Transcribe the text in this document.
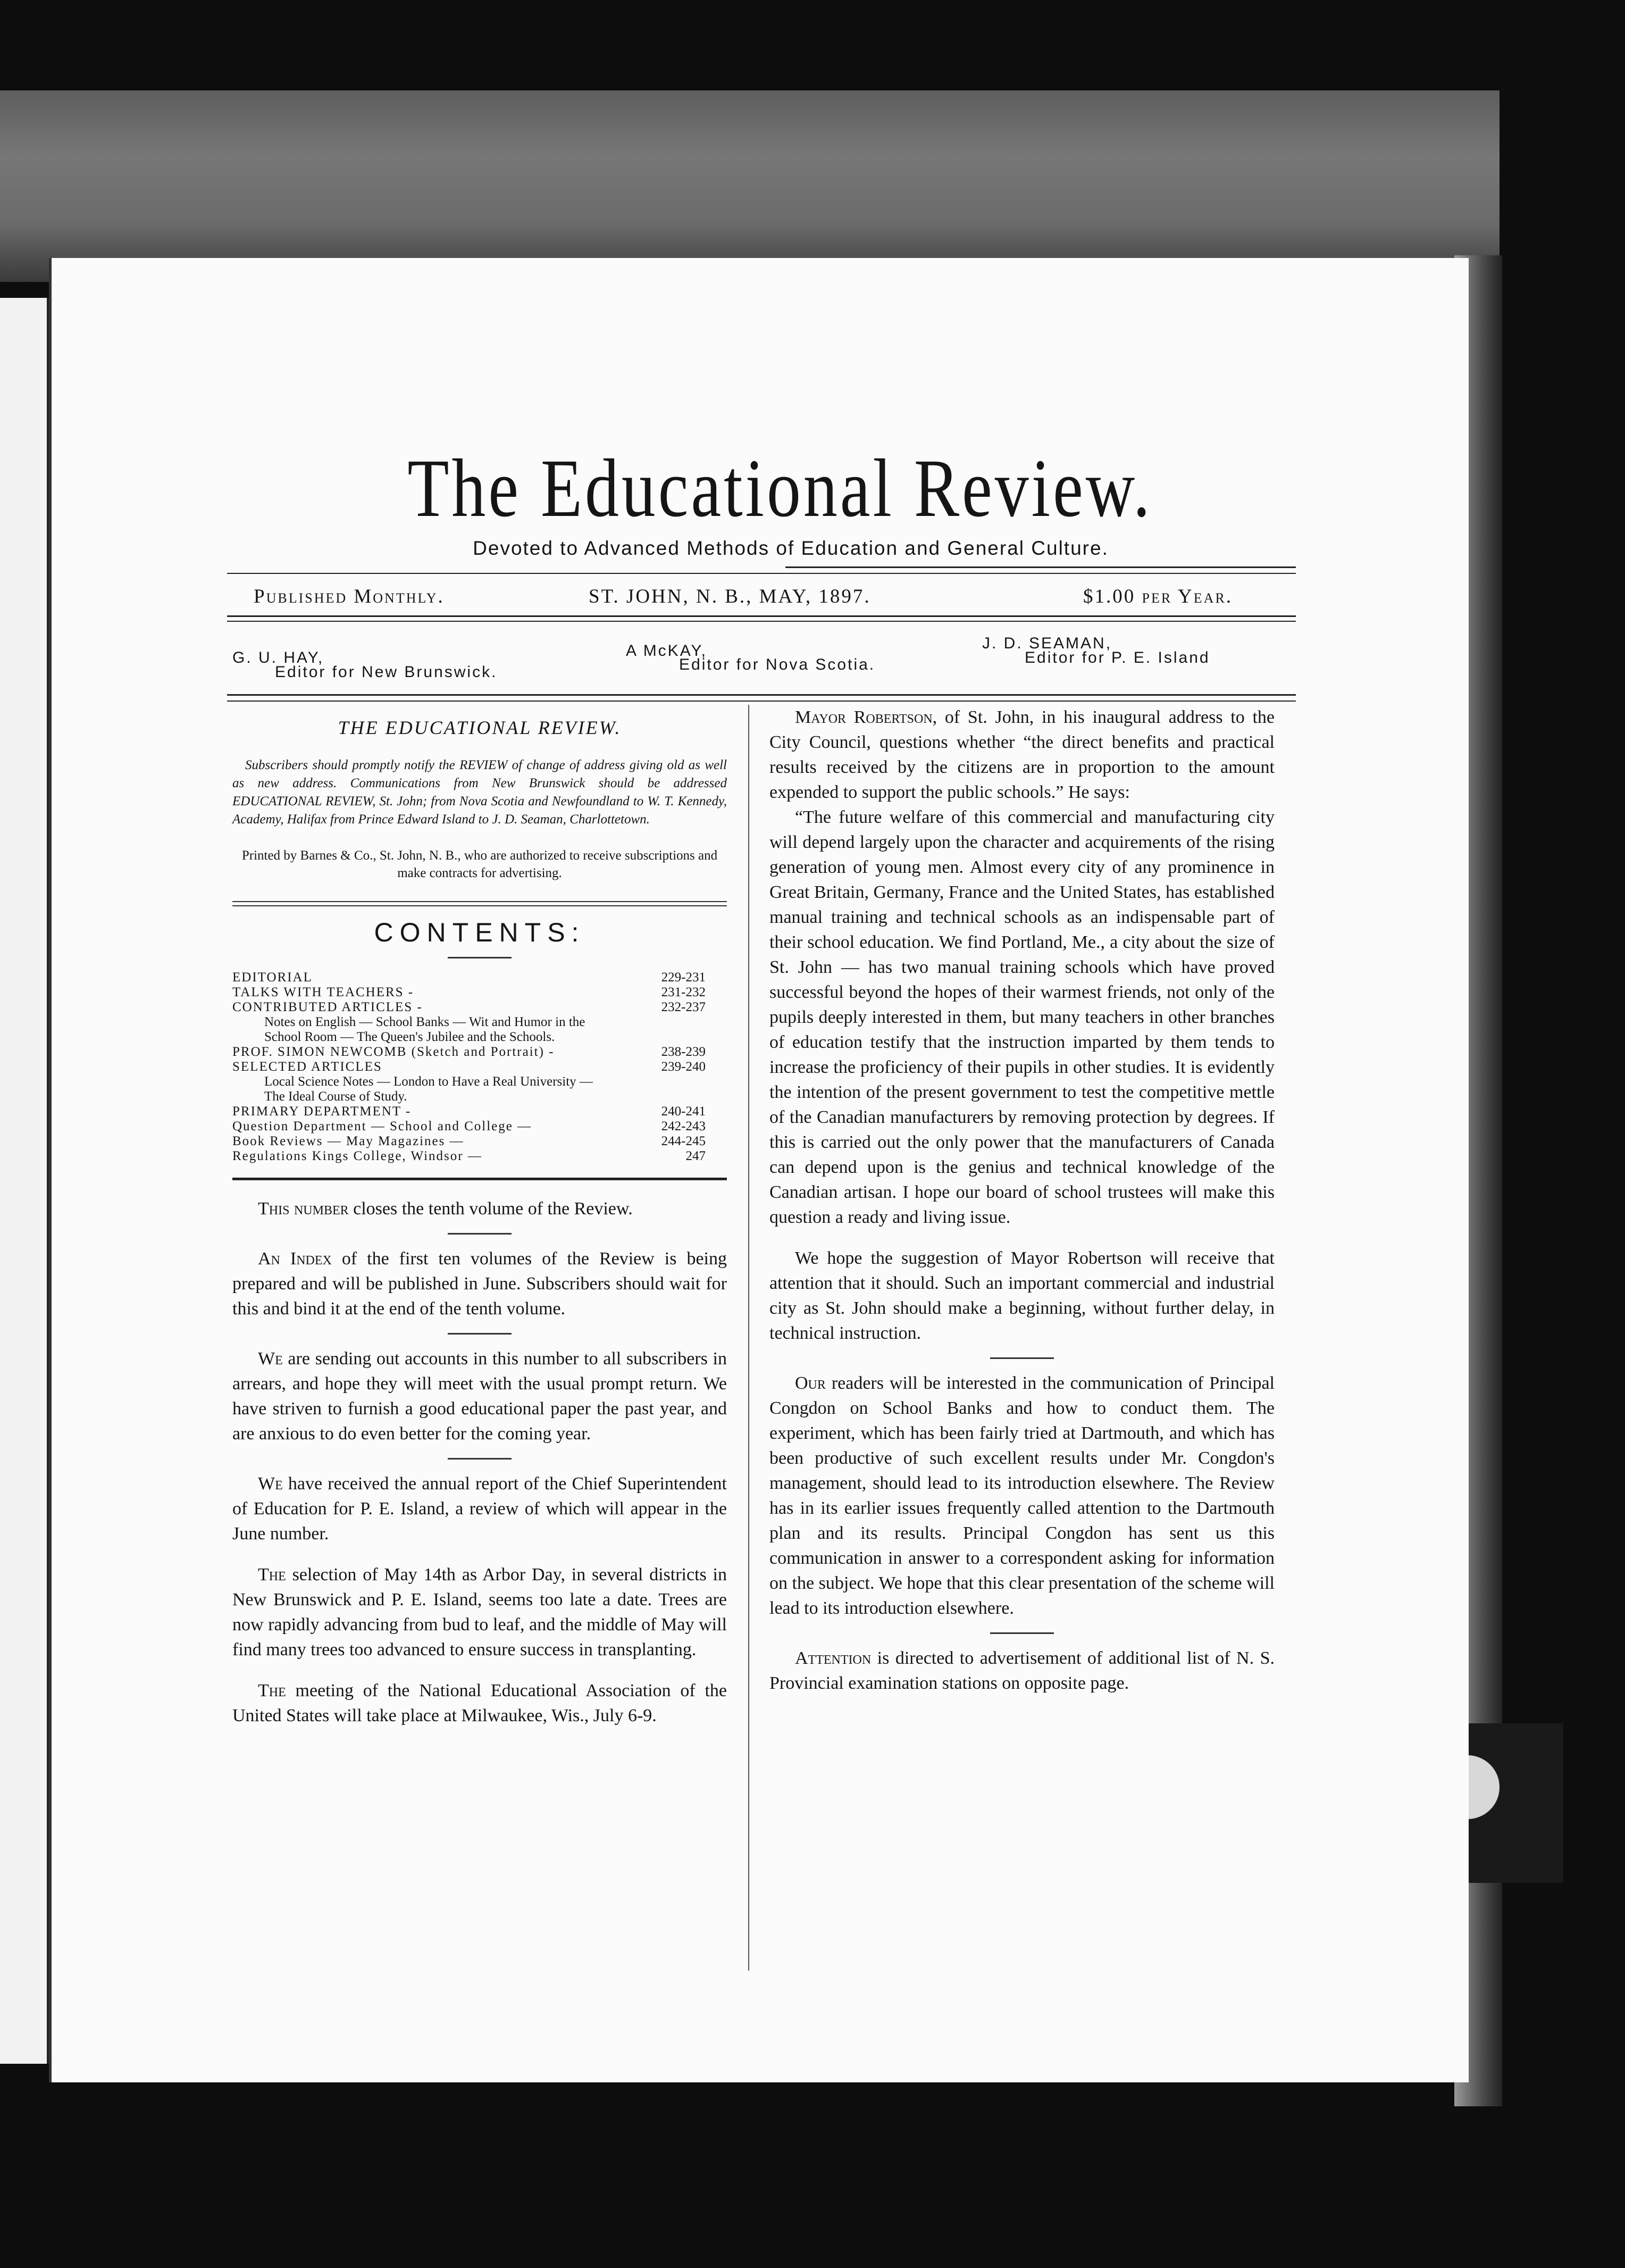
The Educational Review.
Devoted to Advanced Methods of Education and General Culture.
Published Monthly.	ST. JOHN, N. B., MAY, 1897.	$1.00 per Year.
G. U. HAY,
Editor for New Brunswick.
A McKAY,
Editor for Nova Scotia.
J. D. SEAMAN,
Editor for P. E. Island
THE EDUCATIONAL REVIEW.
Subscribers should promptly notify the REVIEW of change of address giving old as well as new address. Communications from New Brunswick should be addressed EDUCATIONAL REVIEW, St. John; from Nova Scotia and Newfoundland to W. T. Kennedy, Academy, Halifax from Prince Edward Island to J. D. Seaman, Charlottetown.
Printed by Barnes & Co., St. John, N. B., who are authorized to receive subscriptions and make contracts for advertising.
CONTENTS:
EDITORIAL	229-231
TALKS WITH TEACHERS -	231-232
CONTRIBUTED ARTICLES -	232-237
Notes on English — School Banks — Wit and Humor in the
School Room — The Queen's Jubilee and the Schools.
PROF. SIMON NEWCOMB (Sketch and Portrait) -	238-239
SELECTED ARTICLES	239-240
Local Science Notes — London to Have a Real University —
The Ideal Course of Study.
PRIMARY DEPARTMENT -	240-241
Question Department — School and College —	242-243
Book Reviews — May Magazines —	244-245
Regulations Kings College, Windsor —	247

This number closes the tenth volume of the Review.

An Index of the first ten volumes of the Review is being prepared and will be published in June. Subscribers should wait for this and bind it at the end of the tenth volume.

We are sending out accounts in this number to all subscribers in arrears, and hope they will meet with the usual prompt return. We have striven to furnish a good educational paper the past year, and are anxious to do even better for the coming year.

We have received the annual report of the Chief Superintendent of Education for P. E. Island, a review of which will appear in the June number.

The selection of May 14th as Arbor Day, in several districts in New Brunswick and P. E. Island, seems too late a date. Trees are now rapidly advancing from bud to leaf, and the middle of May will find many trees too advanced to ensure success in transplanting.

The meeting of the National Educational Association of the United States will take place at Milwaukee, Wis., July 6-9.

Mayor Robertson, of St. John, in his inaugural address to the City Council, questions whether “the direct benefits and practical results received by the citizens are in proportion to the amount expended to support the public schools.” He says:

“The future welfare of this commercial and manufacturing city will depend largely upon the character and acquirements of the rising generation of young men. Almost every city of any prominence in Great Britain, Germany, France and the United States, has established manual training and technical schools as an indispensable part of their school education. We find Portland, Me., a city about the size of St. John — has two manual training schools which have proved successful beyond the hopes of their warmest friends, not only of the pupils deeply interested in them, but many teachers in other branches of education testify that the instruction imparted by them tends to increase the proficiency of their pupils in other studies. It is evidently the intention of the present government to test the competitive mettle of the Canadian manufacturers by removing protection by degrees. If this is carried out the only power that the manufacturers of Canada can depend upon is the genius and technical knowledge of the Canadian artisan. I hope our board of school trustees will make this question a ready and living issue.

We hope the suggestion of Mayor Robertson will receive that attention that it should. Such an important commercial and industrial city as St. John should make a beginning, without further delay, in technical instruction.

Our readers will be interested in the communication of Principal Congdon on School Banks and how to conduct them. The experiment, which has been fairly tried at Dartmouth, and which has been productive of such excellent results under Mr. Congdon's management, should lead to its introduction elsewhere. The Review has in its earlier issues frequently called attention to the Dartmouth plan and its results. Principal Congdon has sent us this communication in answer to a correspondent asking for information on the subject. We hope that this clear presentation of the scheme will lead to its introduction elsewhere.

Attention is directed to advertisement of additional list of N. S. Provincial examination stations on opposite page.
